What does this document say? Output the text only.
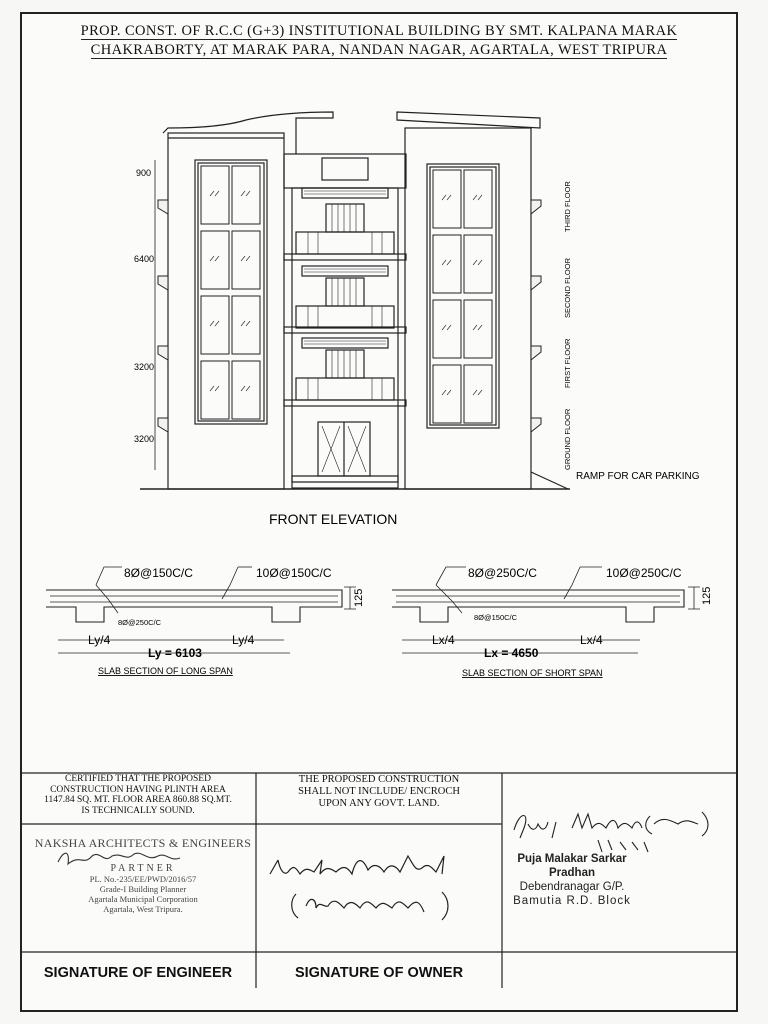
PROP. CONST. OF R.C.C (G+3) INSTITUTIONAL BUILDING BY SMT. KALPANA MARAK
CHAKRABORTY, AT MARAK PARA, NANDAN NAGAR, AGARTALA, WEST TRIPURA
900
6400
3200
3200	GROUND FLOOR
FIRST FLOOR
SECOND FLOOR
THIRD FLOOR
RAMP FOR CAR PARKING
FRONT ELEVATION
8Ø@150C/C	10Ø@150C/C
8Ø@250C/C
125
Ly/4	Ly/4
Ly = 6103
SLAB SECTION OF LONG SPAN
8Ø@250C/C	10Ø@250C/C
8Ø@150C/C
125
Lx/4	Lx/4
Lx = 4650
SLAB SECTION OF SHORT SPAN
CERTIFIED THAT THE PROPOSED
CONSTRUCTION HAVING PLINTH AREA
1147.84 SQ. MT. FLOOR AREA 860.88 SQ.MT.
IS TECHNICALLY SOUND.
THE PROPOSED CONSTRUCTION
SHALL NOT INCLUDE/ ENCROCH
UPON ANY GOVT. LAND.
NAKSHA ARCHITECTS & ENGINEERS
PARTNER
PL. No.-235/EE/PWD/2016/57
Grade-I Building Planner
Agartala Municipal Corporation
Agartala, West Tripura.
SIGNATURE OF ENGINEER	SIGNATURE OF OWNER
Puja Malakar Sarkar
Pradhan
Debendranagar G/P.
Bamutia R.D. Block
